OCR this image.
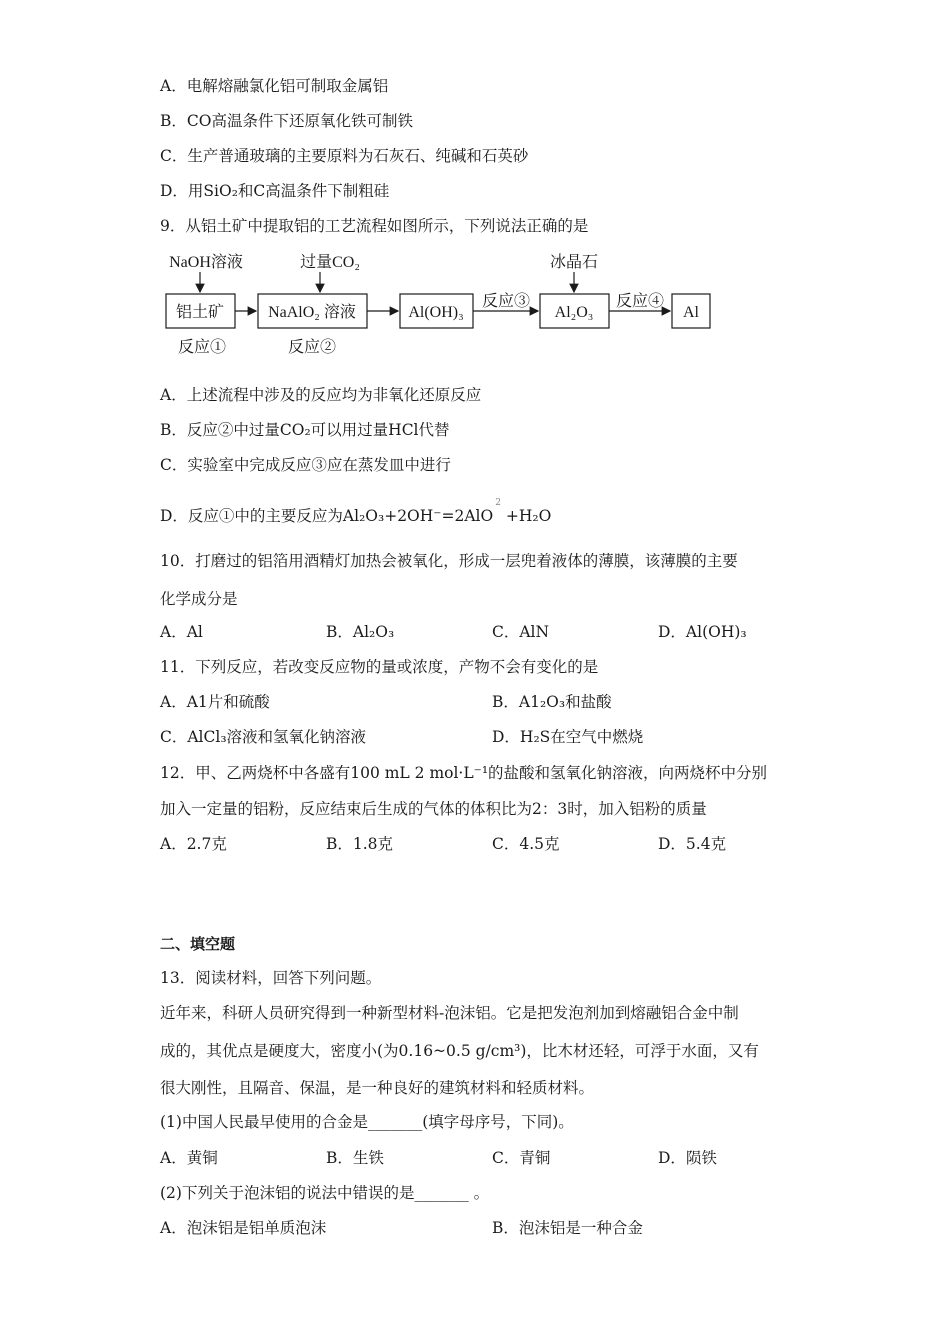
A．电解熔融氯化铝可制取金属铝
B．CO高温条件下还原氧化铁可制铁
C．生产普通玻璃的主要原料为石灰石、纯碱和石英砂
D．用SiO₂和C高温条件下制粗硅
9．从铝土矿中提取铝的工艺流程如图所示，下列说法正确的是
铝土矿	NaAlO₂ 溶液	Al(OH)₃	Al₂O₃	Al
NaOH溶液	过量CO₂	冰晶石
反应③	反应④
反应①	反应②
A．上述流程中涉及的反应均为非氧化还原反应
B．反应②中过量CO₂可以用过量HCl代替
C．实验室中完成反应③应在蒸发皿中进行
D．反应①中的主要反应为Al₂O₃+2OH⁻=2AlO$^2$ +H₂O
10．打磨过的铝箔用酒精灯加热会被氧化，形成一层兜着液体的薄膜，该薄膜的主要
化学成分是
A．Al	B．Al₂O₃	C．AlN	D．Al(OH)₃
11．下列反应，若改变反应物的量或浓度，产物不会有变化的是
A．A1片和硫酸	B．A1₂O₃和盐酸
C．AlCl₃溶液和氢氧化钠溶液	D．H₂S在空气中燃烧
12．甲、乙两烧杯中各盛有100 mL 2 mol·L⁻¹的盐酸和氢氧化钠溶液，向两烧杯中分别
加入一定量的铝粉，反应结束后生成的气体的体积比为2：3时，加入铝粉的质量
A．2.7克	B．1.8克	C．4.5克	D．5.4克
二、填空题
13．阅读材料，回答下列问题。
近年来，科研人员研究得到一种新型材料-泡沫铝。它是把发泡剂加到熔融铝合金中制
成的，其优点是硬度大，密度小(为0.16~0.5 g/cm³)，比木材还轻，可浮于水面，又有
很大刚性，且隔音、保温，是一种良好的建筑材料和轻质材料。
(1)中国人民最早使用的合金是_______(填字母序号，下同)。
A．黄铜	B．生铁	C．青铜	D．陨铁
(2)下列关于泡沫铝的说法中错误的是_______ 。
A．泡沫铝是铝单质泡沫	B．泡沫铝是一种合金
